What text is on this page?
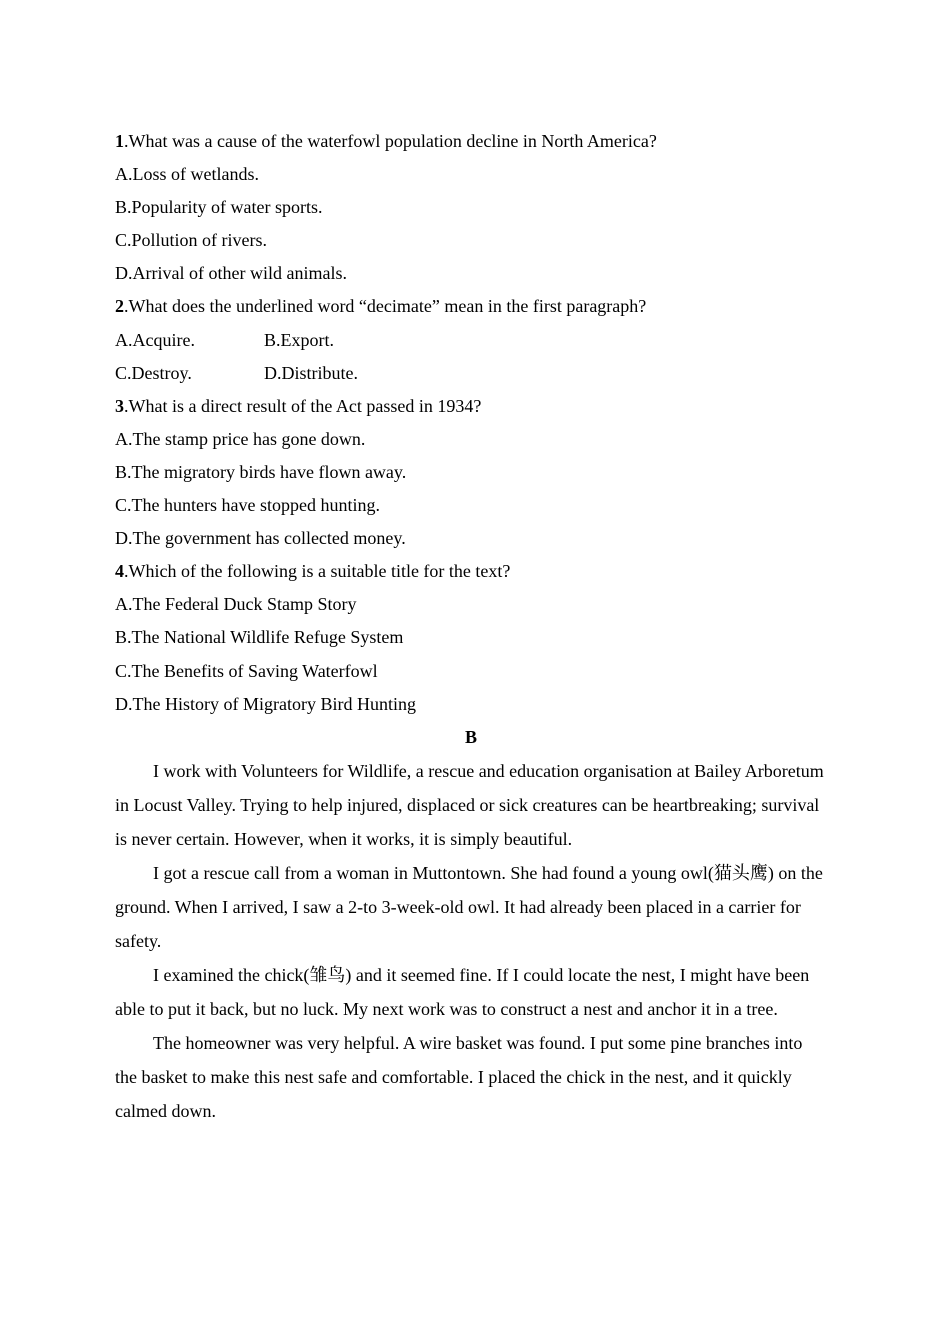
1.What was a cause of the waterfowl population decline in North America?
A.Loss of wetlands.
B.Popularity of water sports.
C.Pollution of rivers.
D.Arrival of other wild animals.
2.What does the underlined word “decimate” mean in the first paragraph?
A.Acquire.	B.Export.
C.Destroy.	D.Distribute.
3.What is a direct result of the Act passed in 1934?
A.The stamp price has gone down.
B.The migratory birds have flown away.
C.The hunters have stopped hunting.
D.The government has collected money.
4.Which of the following is a suitable title for the text?
A.The Federal Duck Stamp Story
B.The National Wildlife Refuge System
C.The Benefits of Saving Waterfowl
D.The History of Migratory Bird Hunting
B

I work with Volunteers for Wildlife, a rescue and education organisation at Bailey Arboretum in Locust Valley. Trying to help injured, displaced or sick creatures can be heartbreaking; survival is never certain. However, when it works, it is simply beautiful.

I got a rescue call from a woman in Muttontown. She had found a young owl(猫头鹰) on the ground. When I arrived, I saw a 2-to 3-week-old owl. It had already been placed in a carrier for safety.

I examined the chick(雏鸟) and it seemed fine. If I could locate the nest, I might have been able to put it back, but no luck. My next work was to construct a nest and anchor it in a tree.

The homeowner was very helpful. A wire basket was found. I put some pine branches into the basket to make this nest safe and comfortable. I placed the chick in the nest, and it quickly calmed down.
